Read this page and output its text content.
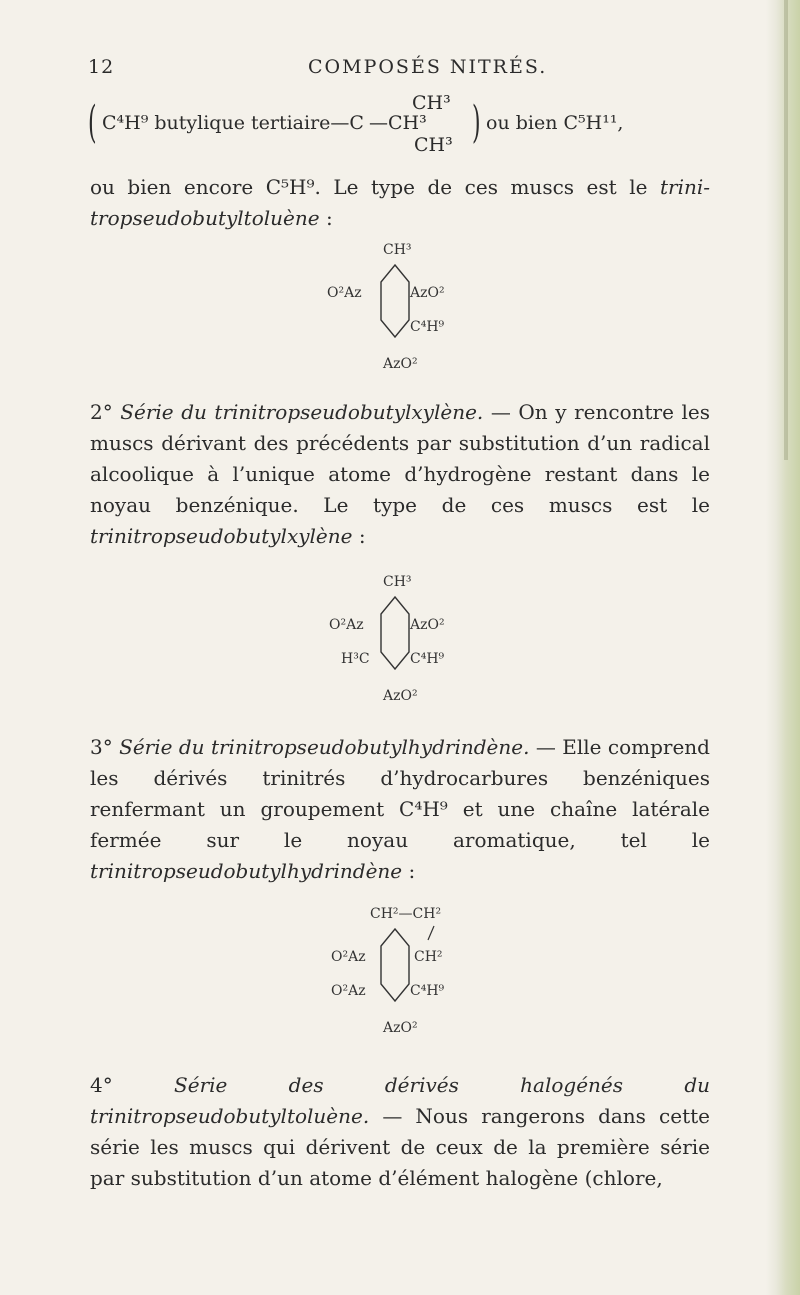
12	COMPOSÉS NITRÉS.
( C⁴H⁹ butylique tertiaire—C
CH³
—CH³
CH³ ) ou bien C⁵H¹¹,
ou bien encore C⁵H⁹. Le type de ces muscs est le trini- tropseudobutyltoluène :
CH³
O²Az	AzO²
C⁴H⁹
AzO²
2° Série du trinitropseudobutylxylène. — On y rencontre les muscs dérivant des précédents par substitution d’un radical alcoolique à l’unique atome d’hydrogène restant dans le noyau benzénique. Le type de ces muscs est le trinitropseudobutylxylène :
CH³
O²Az
H³C
AzO²
C⁴H⁹
AzO²
3° Série du trinitropseudobutylhydrindène. — Elle comprend les dérivés trinitrés d’hydrocarbures benzéniques renfermant un groupement C⁴H⁹ et une chaîne latérale fermée sur le noyau aromatique, tel le trinitropseudobutylhydrindène :
CH²—CH²
O²Az
O²Az
CH²
C⁴H⁹
AzO²
4°	Série des dérivés halogénés du trinitropseudobutyltoluène. — Nous rangerons dans cette série les muscs qui dérivent de ceux de la première série par substitution d’un atome d’élément halogène (chlore,
